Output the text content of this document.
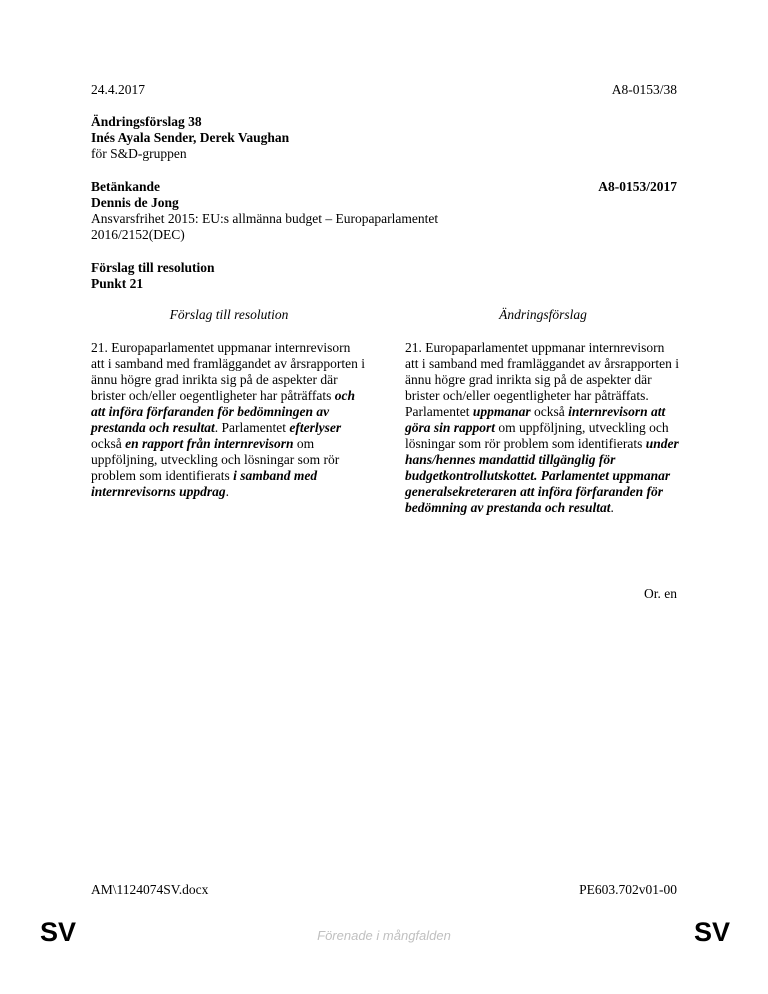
24.4.2017	A8-0153/38
Ändringsförslag 38
Inés Ayala Sender, Derek Vaughan
för S&D-gruppen
Betänkande	A8-0153/2017
Dennis de Jong
Ansvarsfrihet 2015: EU:s allmänna budget – Europaparlamentet
2016/2152(DEC)
Förslag till resolution
Punkt 21
Förslag till resolution	Ändringsförslag
21. Europaparlamentet uppmanar internrevisorn att i samband med framläggandet av årsrapporten i ännu högre grad inrikta sig på de aspekter där brister och/eller oegentligheter har påträffats och att införa förfaranden för bedömningen av prestanda och resultat. Parlamentet efterlyser också en rapport från internrevisorn om uppföljning, utveckling och lösningar som rör problem som identifierats i samband med internrevisorns uppdrag.
21. Europaparlamentet uppmanar internrevisorn att i samband med framläggandet av årsrapporten i ännu högre grad inrikta sig på de aspekter där brister och/eller oegentligheter har påträffats. Parlamentet uppmanar också internrevisorn att göra sin rapport om uppföljning, utveckling och lösningar som rör problem som identifierats under hans/hennes mandattid tillgänglig för budgetkontrollutskottet. Parlamentet uppmanar generalsekreteraren att införa förfaranden för bedömning av prestanda och resultat.
Or. en
AM\1124074SV.docx	PE603.702v01-00
SV	Förenade i mångfalden	SV
